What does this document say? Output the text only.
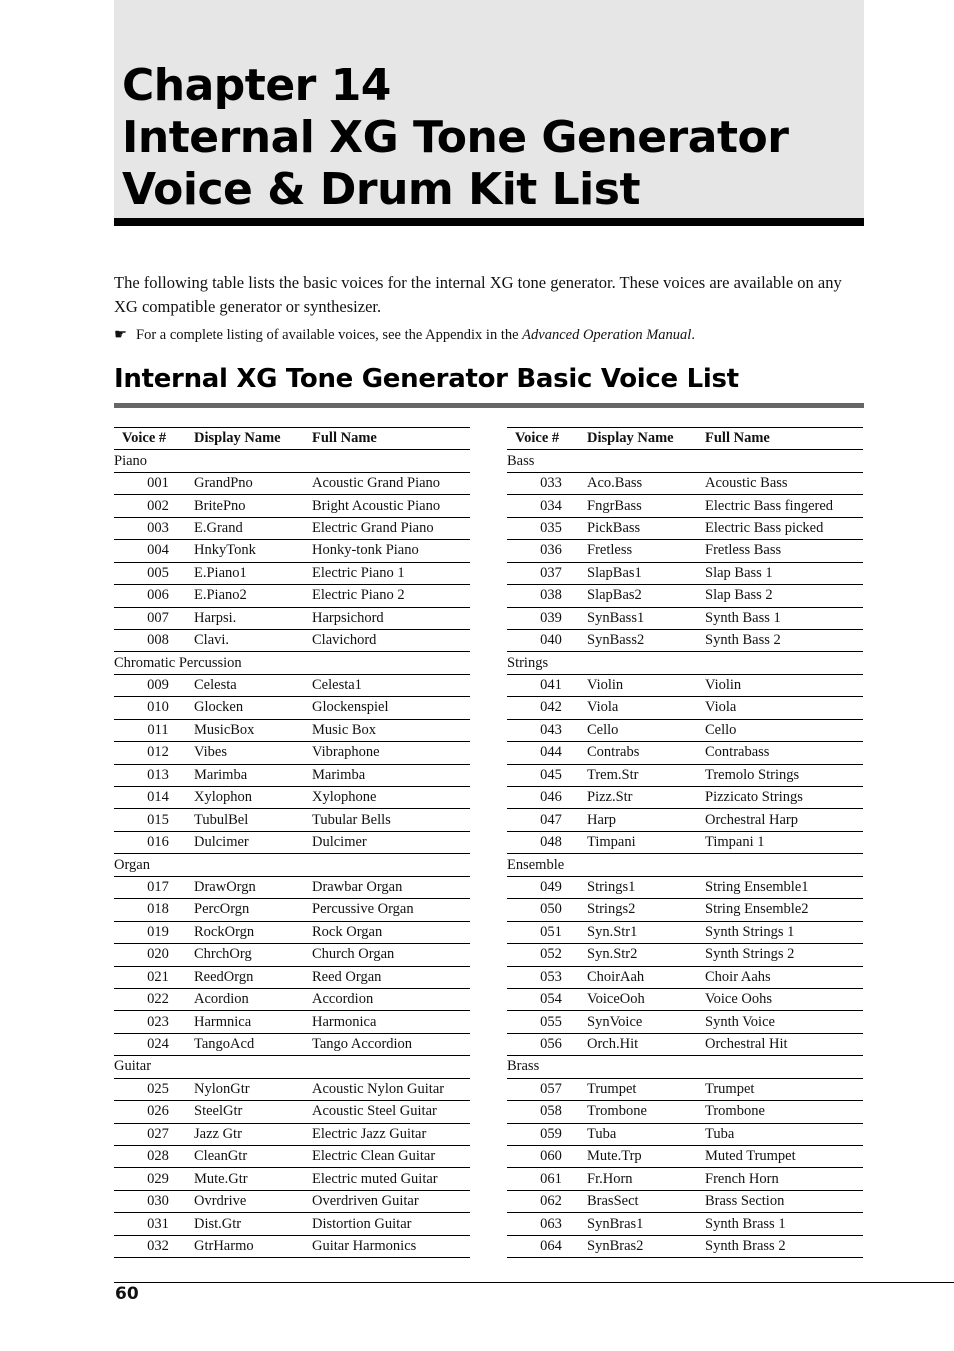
Chapter 14
Internal XG Tone Generator
Voice & Drum Kit List

The following table lists the basic voices for the internal XG tone generator. These voices are available on any XG compatible generator or synthesizer.

☛ For a complete listing of available voices, see the Appendix in the Advanced Operation Manual.

Internal XG Tone Generator Basic Voice List
Voice #	Display Name	Full Name
Piano		
001	GrandPno	Acoustic Grand Piano
002	BritePno	Bright Acoustic Piano
003	E.Grand	Electric Grand Piano
004	HnkyTonk	Honky-tonk Piano
005	E.Piano1	Electric Piano 1
006	E.Piano2	Electric Piano 2
007	Harpsi.	Harpsichord
008	Clavi.	Clavichord
Chromatic Percussion		
009	Celesta	Celesta1
010	Glocken	Glockenspiel
011	MusicBox	Music Box
012	Vibes	Vibraphone
013	Marimba	Marimba
014	Xylophon	Xylophone
015	TubulBel	Tubular Bells
016	Dulcimer	Dulcimer
Organ		
017	DrawOrgn	Drawbar Organ
018	PercOrgn	Percussive Organ
019	RockOrgn	Rock Organ
020	ChrchOrg	Church Organ
021	ReedOrgn	Reed Organ
022	Acordion	Accordion
023	Harmnica	Harmonica
024	TangoAcd	Tango Accordion
Guitar		
025	NylonGtr	Acoustic Nylon Guitar
026	SteelGtr	Acoustic Steel Guitar
027	Jazz Gtr	Electric Jazz Guitar
028	CleanGtr	Electric Clean Guitar
029	Mute.Gtr	Electric muted Guitar
030	Ovrdrive	Overdriven Guitar
031	Dist.Gtr	Distortion Guitar
032	GtrHarmo	Guitar Harmonics
Voice #	Display Name	Full Name
Bass		
033	Aco.Bass	Acoustic Bass
034	FngrBass	Electric Bass fingered
035	PickBass	Electric Bass picked
036	Fretless	Fretless Bass
037	SlapBas1	Slap Bass 1
038	SlapBas2	Slap Bass 2
039	SynBass1	Synth Bass 1
040	SynBass2	Synth Bass 2
Strings		
041	Violin	Violin
042	Viola	Viola
043	Cello	Cello
044	Contrabs	Contrabass
045	Trem.Str	Tremolo Strings
046	Pizz.Str	Pizzicato Strings
047	Harp	Orchestral Harp
048	Timpani	Timpani 1
Ensemble		
049	Strings1	String Ensemble1
050	Strings2	String Ensemble2
051	Syn.Str1	Synth Strings 1
052	Syn.Str2	Synth Strings 2
053	ChoirAah	Choir Aahs
054	VoiceOoh	Voice Oohs
055	SynVoice	Synth Voice
056	Orch.Hit	Orchestral Hit
Brass		
057	Trumpet	Trumpet
058	Trombone	Trombone
059	Tuba	Tuba
060	Mute.Trp	Muted Trumpet
061	Fr.Horn	French Horn
062	BrasSect	Brass Section
063	SynBras1	Synth Brass 1
064	SynBras2	Synth Brass 2
60
